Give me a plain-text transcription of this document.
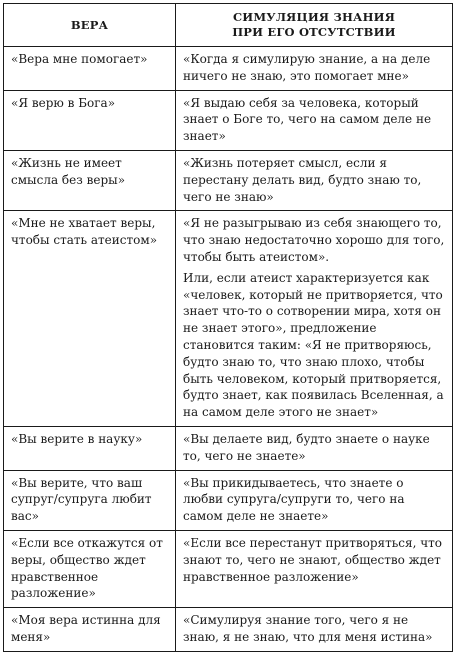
ВЕРА	СИМУЛЯЦИЯ ЗНАНИЯ
ПРИ ЕГО ОТСУТСТВИИ

«Вера мне помогает»	«Когда я симулирую знание, а на деле ничего не знаю, это помогает мне»

«Я верю в Бога»	«Я выдаю себя за человека, который знает о Боге то, чего на самом деле не знает»

«Жизнь не имеет смысла без веры»	«Жизнь потеряет смысл, если я перестану делать вид, будто знаю то, чего не знаю»

«Мне не хватает веры, чтобы стать атеистом»	«Я не разыгрываю из себя знающего то, что знаю недостаточно хорошо для того, чтобы быть атеистом».

Или, если атеист характеризуется как «человек, который не притворяется, что знает что-то о сотворении мира, хотя он не знает этого», предложение становится таким: «Я не притворяюсь, будто знаю то, что знаю плохо, чтобы быть человеком, который притворяется, будто знает, как появилась Вселенная, а на самом деле этого не знает»

«Вы верите в науку»	«Вы делаете вид, будто знаете о науке то, чего не знаете»

«Вы верите, что ваш супруг/супруга любит вас»	«Вы прикидываетесь, что знаете о любви супруга/супруги то, чего на самом деле не знаете»

«Если все откажутся от веры, общество ждет нравственное разложение»	«Если все перестанут притворяться, что знают то, чего не знают, общество ждет нравственное разложение»

«Моя вера истинна для меня»	«Симулируя знание того, чего я не знаю, я не знаю, что для меня истина»
